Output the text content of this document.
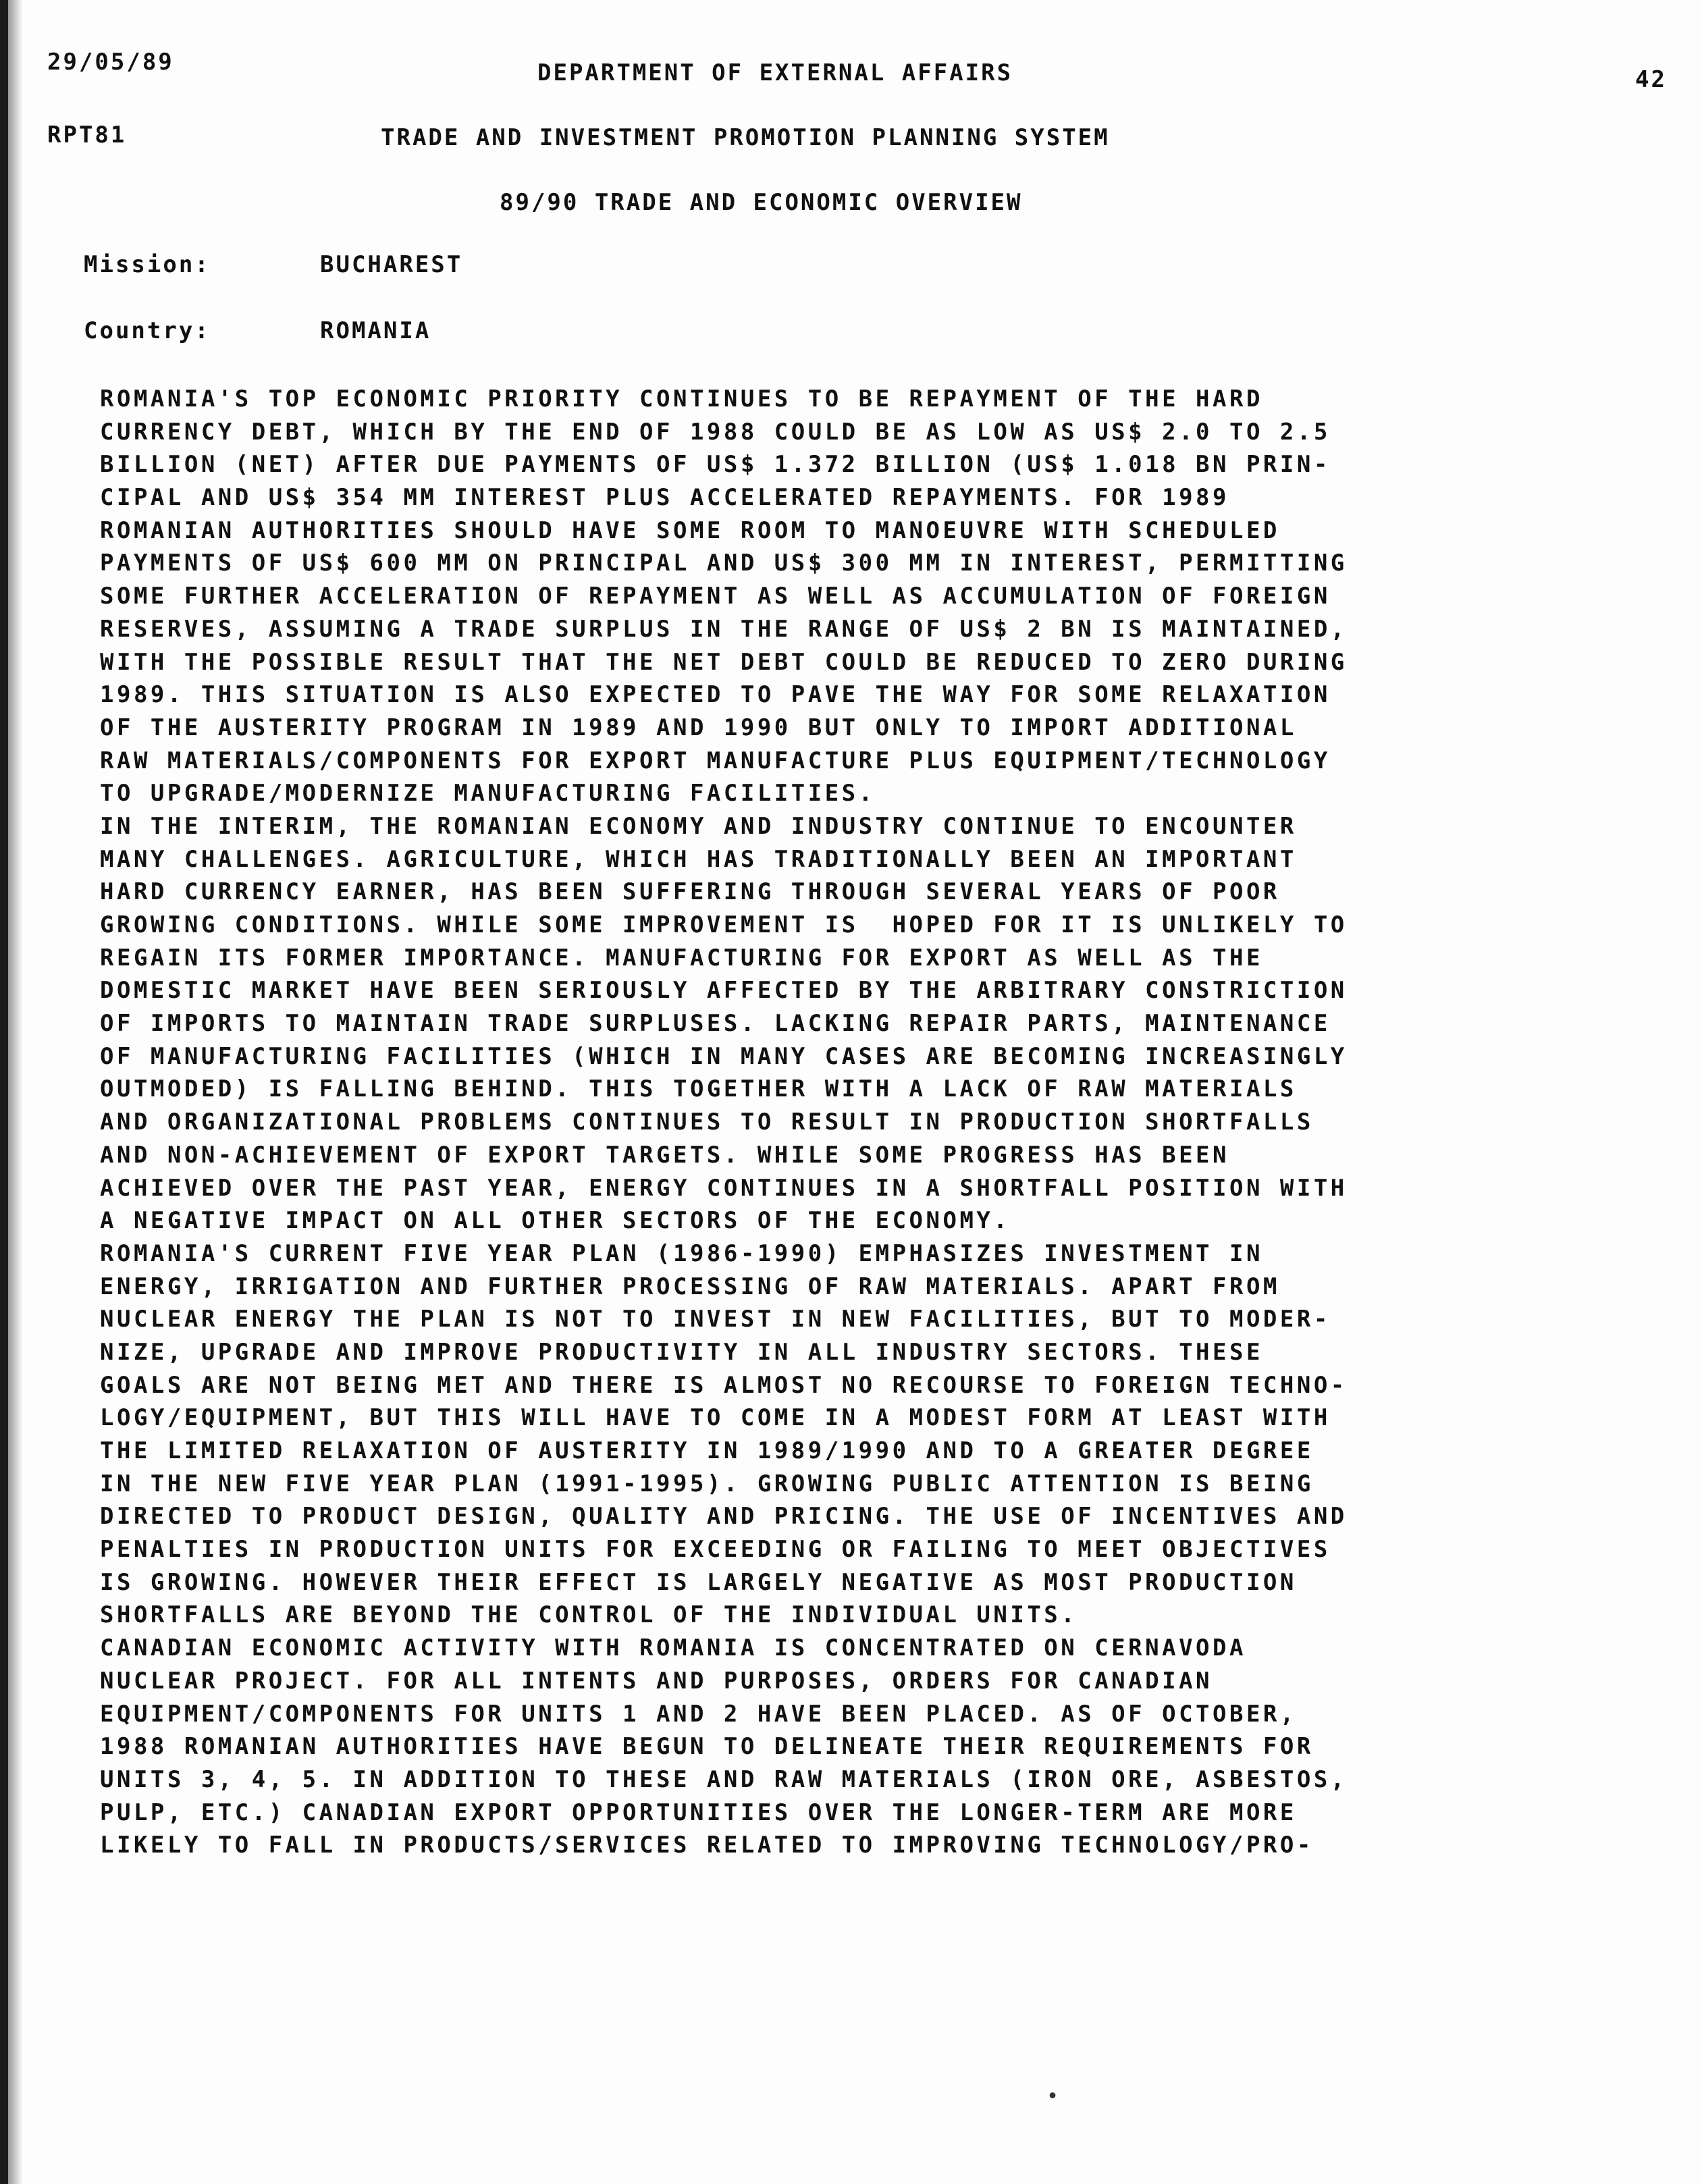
29/05/89	DEPARTMENT OF EXTERNAL AFFAIRS	42
RPT81	TRADE AND INVESTMENT PROMOTION PLANNING SYSTEM
89/90 TRADE AND ECONOMIC OVERVIEW
Mission:	BUCHAREST
Country:	ROMANIA
ROMANIA'S TOP ECONOMIC PRIORITY CONTINUES TO BE REPAYMENT OF THE HARD
CURRENCY DEBT, WHICH BY THE END OF 1988 COULD BE AS LOW AS US$ 2.0 TO 2.5
BILLION (NET) AFTER DUE PAYMENTS OF US$ 1.372 BILLION (US$ 1.018 BN PRIN-
CIPAL AND US$ 354 MM INTEREST PLUS ACCELERATED REPAYMENTS. FOR 1989
ROMANIAN AUTHORITIES SHOULD HAVE SOME ROOM TO MANOEUVRE WITH SCHEDULED
PAYMENTS OF US$ 600 MM ON PRINCIPAL AND US$ 300 MM IN INTEREST, PERMITTING
SOME FURTHER ACCELERATION OF REPAYMENT AS WELL AS ACCUMULATION OF FOREIGN
RESERVES, ASSUMING A TRADE SURPLUS IN THE RANGE OF US$ 2 BN IS MAINTAINED,
WITH THE POSSIBLE RESULT THAT THE NET DEBT COULD BE REDUCED TO ZERO DURING
1989. THIS SITUATION IS ALSO EXPECTED TO PAVE THE WAY FOR SOME RELAXATION
OF THE AUSTERITY PROGRAM IN 1989 AND 1990 BUT ONLY TO IMPORT ADDITIONAL
RAW MATERIALS/COMPONENTS FOR EXPORT MANUFACTURE PLUS EQUIPMENT/TECHNOLOGY
TO UPGRADE/MODERNIZE MANUFACTURING FACILITIES.
IN THE INTERIM, THE ROMANIAN ECONOMY AND INDUSTRY CONTINUE TO ENCOUNTER
MANY CHALLENGES. AGRICULTURE, WHICH HAS TRADITIONALLY BEEN AN IMPORTANT
HARD CURRENCY EARNER, HAS BEEN SUFFERING THROUGH SEVERAL YEARS OF POOR
GROWING CONDITIONS. WHILE SOME IMPROVEMENT IS  HOPED FOR IT IS UNLIKELY TO
REGAIN ITS FORMER IMPORTANCE. MANUFACTURING FOR EXPORT AS WELL AS THE
DOMESTIC MARKET HAVE BEEN SERIOUSLY AFFECTED BY THE ARBITRARY CONSTRICTION
OF IMPORTS TO MAINTAIN TRADE SURPLUSES. LACKING REPAIR PARTS, MAINTENANCE
OF MANUFACTURING FACILITIES (WHICH IN MANY CASES ARE BECOMING INCREASINGLY
OUTMODED) IS FALLING BEHIND. THIS TOGETHER WITH A LACK OF RAW MATERIALS
AND ORGANIZATIONAL PROBLEMS CONTINUES TO RESULT IN PRODUCTION SHORTFALLS
AND NON-ACHIEVEMENT OF EXPORT TARGETS. WHILE SOME PROGRESS HAS BEEN
ACHIEVED OVER THE PAST YEAR, ENERGY CONTINUES IN A SHORTFALL POSITION WITH
A NEGATIVE IMPACT ON ALL OTHER SECTORS OF THE ECONOMY.
ROMANIA'S CURRENT FIVE YEAR PLAN (1986-1990) EMPHASIZES INVESTMENT IN
ENERGY, IRRIGATION AND FURTHER PROCESSING OF RAW MATERIALS. APART FROM
NUCLEAR ENERGY THE PLAN IS NOT TO INVEST IN NEW FACILITIES, BUT TO MODER-
NIZE, UPGRADE AND IMPROVE PRODUCTIVITY IN ALL INDUSTRY SECTORS. THESE
GOALS ARE NOT BEING MET AND THERE IS ALMOST NO RECOURSE TO FOREIGN TECHNO-
LOGY/EQUIPMENT, BUT THIS WILL HAVE TO COME IN A MODEST FORM AT LEAST WITH
THE LIMITED RELAXATION OF AUSTERITY IN 1989/1990 AND TO A GREATER DEGREE
IN THE NEW FIVE YEAR PLAN (1991-1995). GROWING PUBLIC ATTENTION IS BEING
DIRECTED TO PRODUCT DESIGN, QUALITY AND PRICING. THE USE OF INCENTIVES AND
PENALTIES IN PRODUCTION UNITS FOR EXCEEDING OR FAILING TO MEET OBJECTIVES
IS GROWING. HOWEVER THEIR EFFECT IS LARGELY NEGATIVE AS MOST PRODUCTION
SHORTFALLS ARE BEYOND THE CONTROL OF THE INDIVIDUAL UNITS.
CANADIAN ECONOMIC ACTIVITY WITH ROMANIA IS CONCENTRATED ON CERNAVODA
NUCLEAR PROJECT. FOR ALL INTENTS AND PURPOSES, ORDERS FOR CANADIAN
EQUIPMENT/COMPONENTS FOR UNITS 1 AND 2 HAVE BEEN PLACED. AS OF OCTOBER,
1988 ROMANIAN AUTHORITIES HAVE BEGUN TO DELINEATE THEIR REQUIREMENTS FOR
UNITS 3, 4, 5. IN ADDITION TO THESE AND RAW MATERIALS (IRON ORE, ASBESTOS,
PULP, ETC.) CANADIAN EXPORT OPPORTUNITIES OVER THE LONGER-TERM ARE MORE
LIKELY TO FALL IN PRODUCTS/SERVICES RELATED TO IMPROVING TECHNOLOGY/PRO-
•
